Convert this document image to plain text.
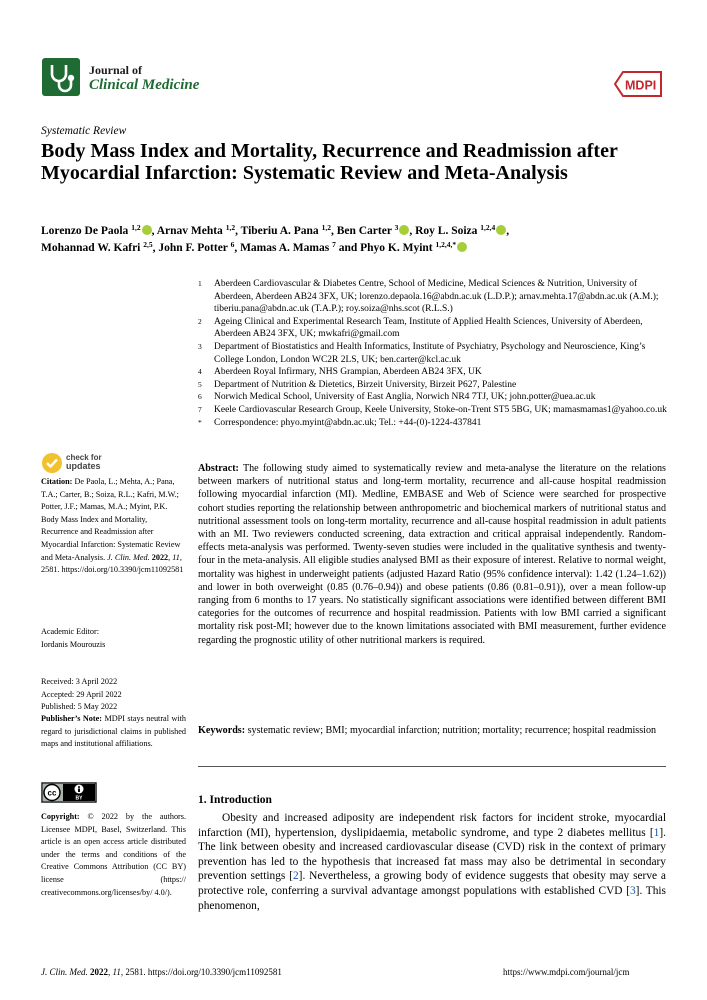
Journal of
Clinical Medicine	MDPI
Systematic Review
Body Mass Index and Mortality, Recurrence and Readmission after Myocardial Infarction: Systematic Review and Meta-Analysis
Lorenzo De Paola $^{1,2}$ , Arnav Mehta $^{1,2}$, Tiberiu A. Pana $^{1,2}$, Ben Carter $^3$ , Roy L. Soiza $^{1,2,4}$ ,
Mohannad W. Kafri $^{2,5}$, John F. Potter $^6$, Mamas A. Mamas $^7$ and Phyo K. Myint $^{1,2,4,*}$
1	Aberdeen Cardiovascular & Diabetes Centre, School of Medicine, Medical Sciences & Nutrition, University of Aberdeen, Aberdeen AB24 3FX, UK; lorenzo.depaola.16@abdn.ac.uk (L.D.P.); arnav.mehta.17@abdn.ac.uk (A.M.); tiberiu.pana@abdn.ac.uk (T.A.P.); roy.soiza@nhs.scot (R.L.S.)
2	Ageing Clinical and Experimental Research Team, Institute of Applied Health Sciences, University of Aberdeen, Aberdeen AB24 3FX, UK; mwkafri@gmail.com
3	Department of Biostatistics and Health Informatics, Institute of Psychiatry, Psychology and Neuroscience, King’s College London, London WC2R 2LS, UK; ben.carter@kcl.ac.uk
4	Aberdeen Royal Infirmary, NHS Grampian, Aberdeen AB24 3FX, UK
5	Department of Nutrition & Dietetics, Birzeit University, Birzeit P627, Palestine
6	Norwich Medical School, University of East Anglia, Norwich NR4 7TJ, UK; john.potter@uea.ac.uk
7	Keele Cardiovascular Research Group, Keele University, Stoke-on-Trent ST5 5BG, UK; mamasmamas1@yahoo.co.uk
*	Correspondence: phyo.myint@abdn.ac.uk; Tel.: +44-(0)-1224-437841
check for
updates
Citation: De Paola, L.; Mehta, A.; Pana, T.A.; Carter, B.; Soiza, R.L.; Kafri, M.W.; Potter, J.F.; Mamas, M.A.; Myint, P.K. Body Mass Index and Mortality, Recurrence and Readmission after Myocardial Infarction: Systematic Review and Meta-Analysis. J. Clin. Med. 2022, 11, 2581. https://doi.org/10.3390/jcm11092581
Academic Editor:
Iordanis Mourouzis
Received: 3 April 2022
Accepted: 29 April 2022
Published: 5 May 2022
Publisher’s Note: MDPI stays neutral with regard to jurisdictional claims in published maps and institutional affiliations.
cc
BY
Copyright: © 2022 by the authors. Licensee MDPI, Basel, Switzerland. This article is an open access article distributed under the terms and conditions of the Creative Commons Attribution (CC BY) license (https:// creativecommons.org/licenses/by/ 4.0/).
Abstract: The following study aimed to systematically review and meta-analyse the literature on the relations between markers of nutritional status and long-term mortality, recurrence and all-cause hospital readmission following myocardial infarction (MI). Medline, EMBASE and Web of Science were searched for prospective cohort studies reporting the relationship between anthropometric and biochemical markers of nutritional status and nutritional assessment tools on long-term mortality, recurrence and all-cause hospital readmission in adult patients with an MI. Two reviewers conducted screening, data extraction and critical appraisal independently. Random-effects meta-analysis was performed. Twenty-seven studies were included in the qualitative synthesis and twenty-four in the meta-analysis. All eligible studies analysed BMI as their exposure of interest. Relative to normal weight, mortality was highest in underweight patients (adjusted Hazard Ratio (95% confidence interval): 1.42 (1.24–1.62)) and lower in both overweight (0.85 (0.76–0.94)) and obese patients (0.86 (0.81–0.91)), over a mean follow-up ranging from 6 months to 17 years. No statistically significant associations were identified between different BMI categories for the outcomes of recurrence and hospital readmission. Patients with low BMI carried a significant mortality risk post-MI; however due to the known limitations associated with BMI measurement, further evidence regarding the prognostic utility of other nutritional markers is required.
Keywords: systematic review; BMI; myocardial infarction; nutrition; mortality; recurrence; hospital readmission
1. Introduction
Obesity and increased adiposity are independent risk factors for incident stroke, myocardial infarction (MI), hypertension, dyslipidaemia, metabolic syndrome, and type 2 diabetes mellitus [1]. The link between obesity and increased cardiovascular disease (CVD) risk in the context of primary prevention has led to the hypothesis that increased fat mass may also be detrimental in secondary prevention settings [2]. Nevertheless, a growing body of evidence suggests that obesity may serve a protective role, conferring a survival advantage amongst populations with established CVD [3]. This phenomenon,
J. Clin. Med. 2022, 11, 2581. https://doi.org/10.3390/jcm11092581	https://www.mdpi.com/journal/jcm
